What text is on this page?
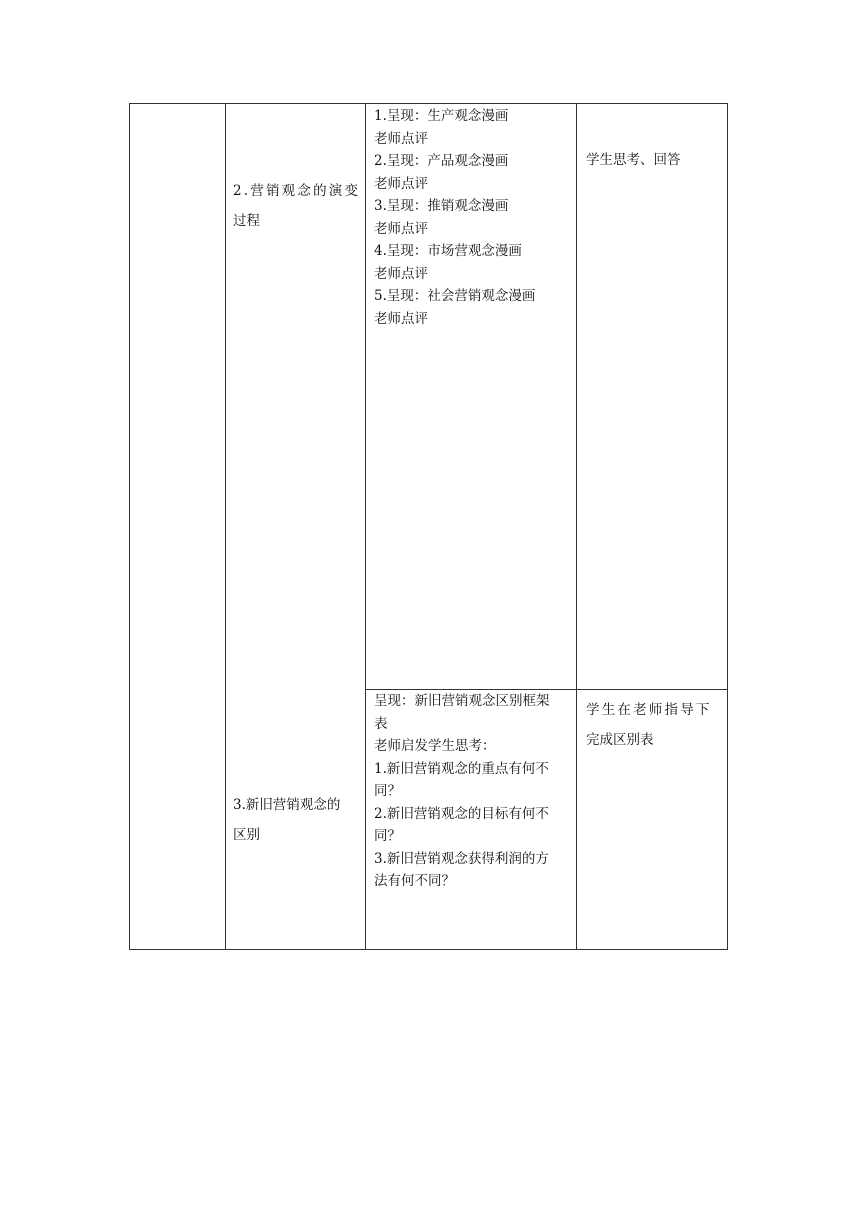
2.营销观念的演变
过程
3.新旧营销观念的
区别
1.呈现：生产观念漫画
老师点评
2.呈现：产品观念漫画
老师点评
3.呈现：推销观念漫画
老师点评
4.呈现：市场营观念漫画
老师点评
5.呈现：社会营销观念漫画
老师点评
呈现：新旧营销观念区别框架
表
老师启发学生思考：
1.新旧营销观念的重点有何不
同？
2.新旧营销观念的目标有何不
同？
3.新旧营销观念获得利润的方
法有何不同？
学生思考、回答
学生在老师指导下
完成区别表
